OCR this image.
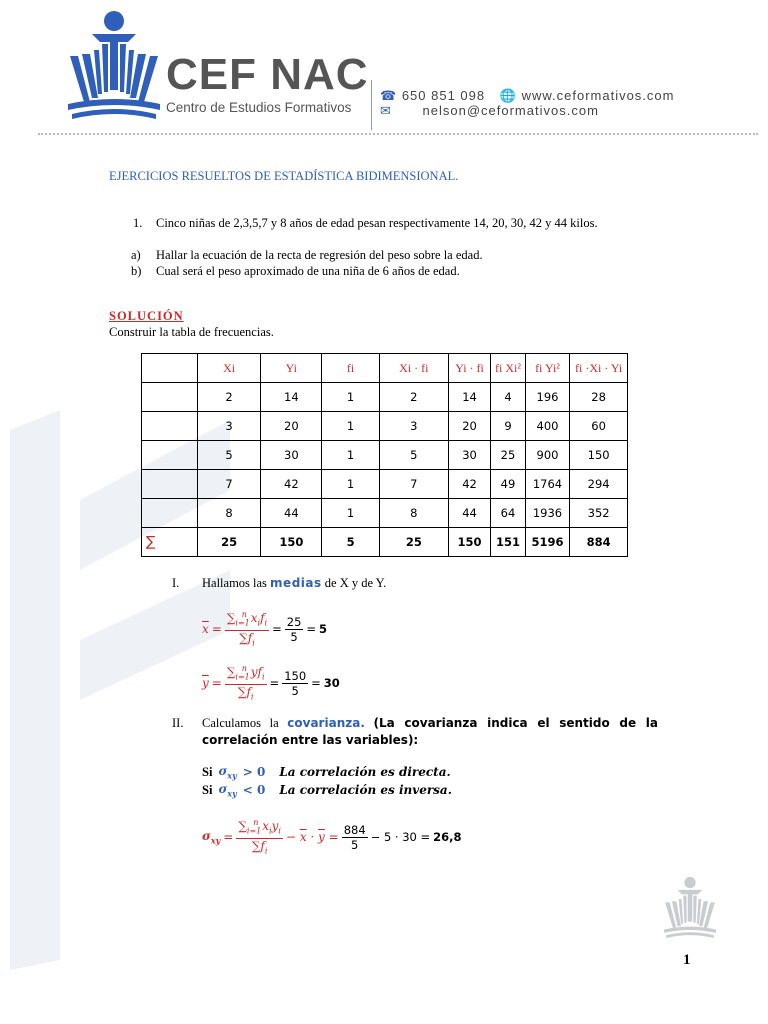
CEF NAC
Centro de Estudios Formativos
☎ 650 851 098 🌐 www.ceformativos.com
✉ nelson@ceformativos.com
EJERCICIOS RESUELTOS DE ESTADÍSTICA BIDIMENSIONAL.
1. Cinco niñas de 2,3,5,7 y 8 años de edad pesan respectivamente 14, 20, 30, 42 y 44 kilos.
a) Hallar la ecuación de la recta de regresión del peso sobre la edad.
b) Cual será el peso aproximado de una niña de 6 años de edad.
SOLUCIÓN
Construir la tabla de frecuencias.
	Xi	Yi	fi	Xi · fi	Yi · fi	fi Xi²	fi Yi²	fi ·Xi · Yi
	2	14	1	2	14	4	196	28
	3	20	1	3	20	9	400	60
	5	30	1	5	30	25	900	150
	7	42	1	7	42	49	1764	294
	8	44	1	8	44	64	1936	352
∑	25	150	5	25	150	151	5196	884
I. Hallamos las medias de X y de Y.
$\overline{x} = \frac{\sum_{i=1}^n x_if_i}{\sum f_i} = \frac{25}{5} = 5$
$\overline{y} = \frac{\sum_{i=1}^n yf_i}{\sum f_i} = \frac{150}{5} = 30$
II. Calculamos la covarianza. (La covarianza indica el sentido de la
correlación entre las variables):
Si $\sigma_{xy} > 0$ La correlación es directa.
Si $\sigma_{xy} < 0$ La correlación es inversa.
$\sigma_{xy} = \frac{\sum_{i=1}^n x_iy_i}{\sum f_i} - \overline{x} \cdot \overline{y} = \frac{884}{5} - 5 \cdot 30 = 26,8$
1
